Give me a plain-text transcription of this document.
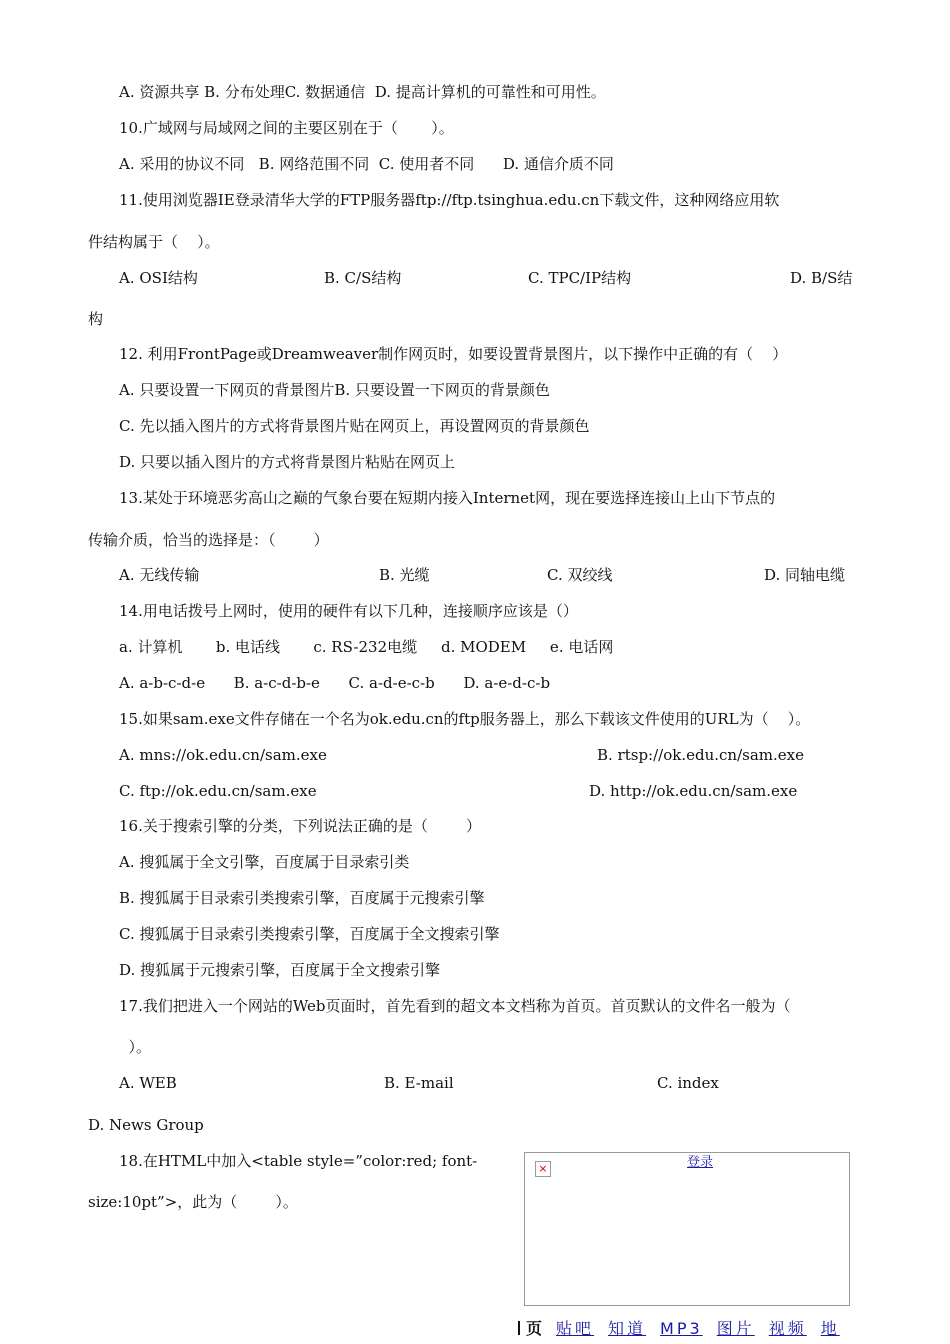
A. 资源共享 B. 分布处理C. 数据通信  D. 提高计算机的可靠性和可用性。
10.广域网与局域网之间的主要区别在于（       ）。
A. 采用的协议不同   B. 网络范围不同  C. 使用者不同      D. 通信介质不同
11.使用浏览器IE登录清华大学的FTP服务器ftp://ftp.tsinghua.edu.cn下载文件，这种网络应用软
件结构属于（    ）。
A. OSI结构	B. C/S结构	C. TPC/IP结构	D. B/S结
构
12. 利用FrontPage或Dreamweaver制作网页时，如要设置背景图片，以下操作中正确的有（    ）
A. 只要设置一下网页的背景图片B. 只要设置一下网页的背景颜色
C. 先以插入图片的方式将背景图片贴在网页上，再设置网页的背景颜色
D. 只要以插入图片的方式将背景图片粘贴在网页上
13.某处于环境恶劣高山之巅的气象台要在短期内接入Internet网，现在要选择连接山上山下节点的
传输介质，恰当的选择是：（        ）
A. 无线传输	B. 光缆	C. 双绞线	D. 同轴电缆
14.用电话拨号上网时，使用的硬件有以下几种，连接顺序应该是（）
a. 计算机       b. 电话线       c. RS-232电缆     d. MODEM     e. 电话网
A. a-b-c-d-e      B. a-c-d-b-e      C. a-d-e-c-b      D. a-e-d-c-b
15.如果sam.exe文件存储在一个名为ok.edu.cn的ftp服务器上，那么下载该文件使用的URL为（    ）。
A. mns://ok.edu.cn/sam.exe	B. rtsp://ok.edu.cn/sam.exe
C. ftp://ok.edu.cn/sam.exe	D. http://ok.edu.cn/sam.exe
16.关于搜索引擎的分类，下列说法正确的是（        ）
A. 搜狐属于全文引擎，百度属于目录索引类
B. 搜狐属于目录索引类搜索引擎，百度属于元搜索引擎
C. 搜狐属于目录索引类搜索引擎，百度属于全文搜索引擎
D. 搜狐属于元搜索引擎，百度属于全文搜索引擎
17.我们把进入一个网站的Web页面时，首先看到的超文本文档称为首页。首页默认的文件名一般为（
）。
A. WEB	B. E-mail	C. index
D. News Group
18.在HTML中加入<table style=”color:red; font-
size:10pt”>，此为（        ）。
×	登录
页 贴吧 知道 MP3 图片 视频 地
